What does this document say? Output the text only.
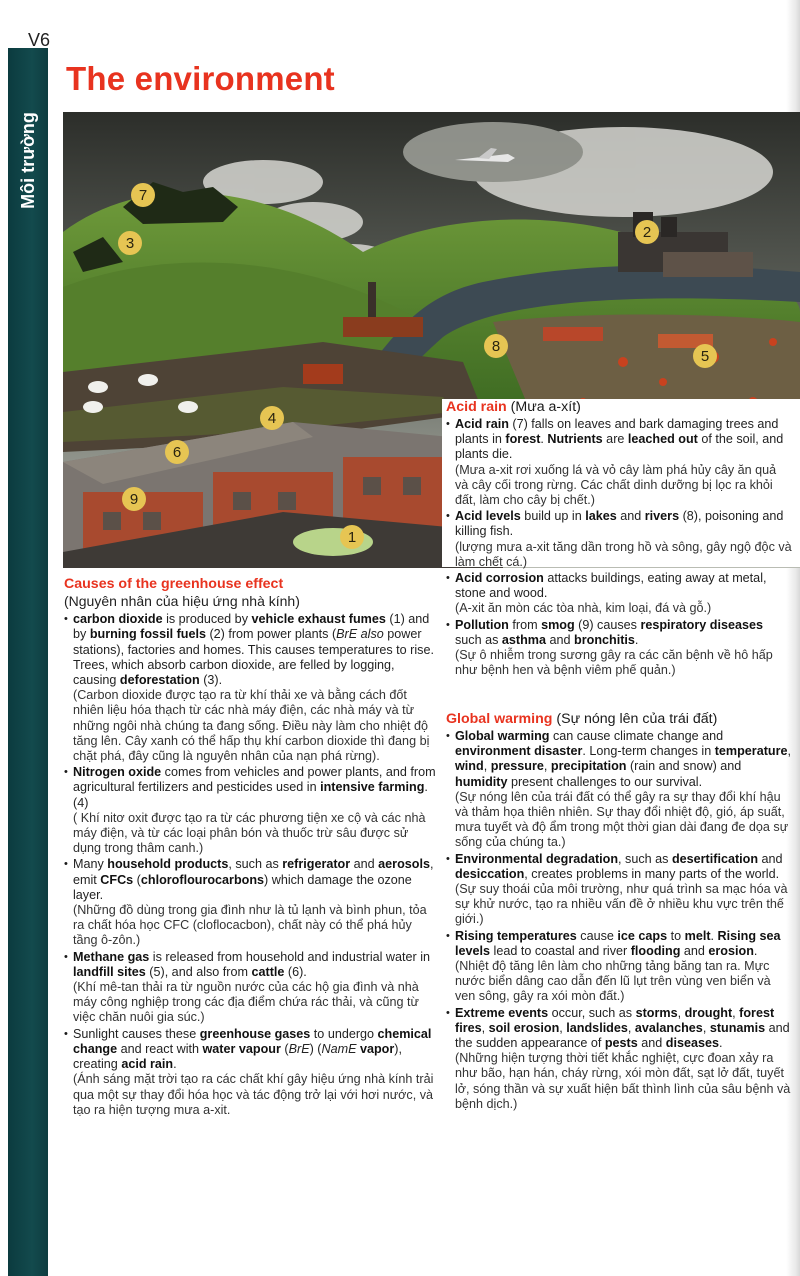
V6
Môi trường
The environment
1
2
3
4
5
6
7
8
9
Acid rain (Mưa a-xít)
• Acid rain (7) falls on leaves and bark damaging trees and plants in forest. Nutrients are leached out of the soil, and plants die.
(Mưa a-xit rơi xuống lá và vỏ cây làm phá hủy cây ăn quả và cây cối trong rừng. Các chất dinh dưỡng bị lọc ra khỏi đất, làm cho cây bị chết.)
• Acid levels build up in lakes and rivers (8), poisoning and killing fish.
(lượng mưa a-xit tăng dần trong hồ và sông, gây ngộ độc và làm chết cá.)
• Acid corrosion attacks buildings, eating away at metal, stone and wood.
(A-xit ăn mòn các tòa nhà, kim loại, đá và gỗ.)
• Pollution from smog (9) causes respiratory diseases such as asthma and bronchitis.
(Sự ô nhiễm trong sương gây ra các căn bệnh về hô hấp như bệnh hen và bệnh viêm phế quản.)
Causes of the greenhouse effect
(Nguyên nhân của hiệu ứng nhà kính)
• carbon dioxide is produced by vehicle exhaust fumes (1) and by burning fossil fuels (2) from power plants (BrE also power stations), factories and homes. This causes temperatures to rise. Trees, which absorb carbon dioxide, are felled by logging, causing deforestation (3).
(Carbon dioxide được tạo ra từ khí thải xe và bằng cách đốt nhiên liệu hóa thạch từ các nhà máy điện, các nhà máy và từ những ngôi nhà chúng ta đang sống. Điều này làm cho nhiệt độ tăng lên. Cây xanh có thể hấp thụ khí carbon dioxide thì đang bị chặt phá, đây cũng là nguyên nhân của nạn phá rừng).
• Nitrogen oxide comes from vehicles and power plants, and from agricultural fertilizers and pesticides used in intensive farming. (4)
( Khí nitơ oxit được tạo ra từ các phương tiện xe cộ và các nhà máy điện, và từ các loại phân bón và thuốc trừ sâu được sử dụng trong thâm canh.)
• Many household products, such as refrigerator and aerosols, emit CFCs (chloroflourocarbons) which damage the ozone layer.
(Những đồ dùng trong gia đình như là tủ lạnh và bình phun, tỏa ra chất hóa học CFC (cloflocacbon), chất này có thể phá hủy tầng ô-zôn.)
• Methane gas is released from household and industrial water in landfill sites (5), and also from cattle (6).
(Khí mê-tan thải ra từ nguồn nước của các hộ gia đình và nhà máy công nghiệp trong các địa điểm chứa rác thải, và cũng từ việc chăn nuôi gia súc.)
• Sunlight causes these greenhouse gases to undergo chemical change and react with water vapour (BrE) (NamE vapor), creating acid rain.
(Ánh sáng mặt trời tạo ra các chất khí gây hiệu ứng nhà kính trải qua một sự thay đổi hóa học và tác động trở lại với hơi nước, và tạo ra hiện tượng mưa a-xit.
Global warming (Sự nóng lên của trái đất)
• Global warming can cause climate change and environment disaster. Long-term changes in temperature, wind, pressure, precipitation (rain and snow) and humidity present challenges to our survival.
(Sự nóng lên của trái đất có thể gây ra sự thay đổi khí hậu và thảm họa thiên nhiên. Sự thay đổi nhiệt độ, gió, áp suất, mưa tuyết và độ ẩm trong một thời gian dài đang đe dọa sự sống của chúng ta.)
• Environmental degradation, such as desertification and desiccation, creates problems in many parts of the world.
(Sự suy thoái của môi trường, như quá trình sa mạc hóa và sự khử nước, tạo ra nhiều vấn đề ở nhiều khu vực trên thế giới.)
• Rising temperatures cause ice caps to melt. Rising sea levels lead to coastal and river flooding and erosion.
(Nhiệt độ tăng lên làm cho những tảng băng tan ra. Mực nước biển dâng cao dẫn đến lũ lụt trên vùng ven biển và ven sông, gây ra xói mòn đất.)
• Extreme events occur, such as storms, drought, forest fires, soil erosion, landslides, avalanches, stunamis and the sudden appearance of pests and diseases.
(Những hiện tượng thời tiết khắc nghiệt, cực đoan xảy ra như bão, hạn hán, cháy rừng, xói mòn đất, sạt lở đất, tuyết lở, sóng thần và sự xuất hiện bất thình lình của sâu bệnh và bệnh dịch.)
